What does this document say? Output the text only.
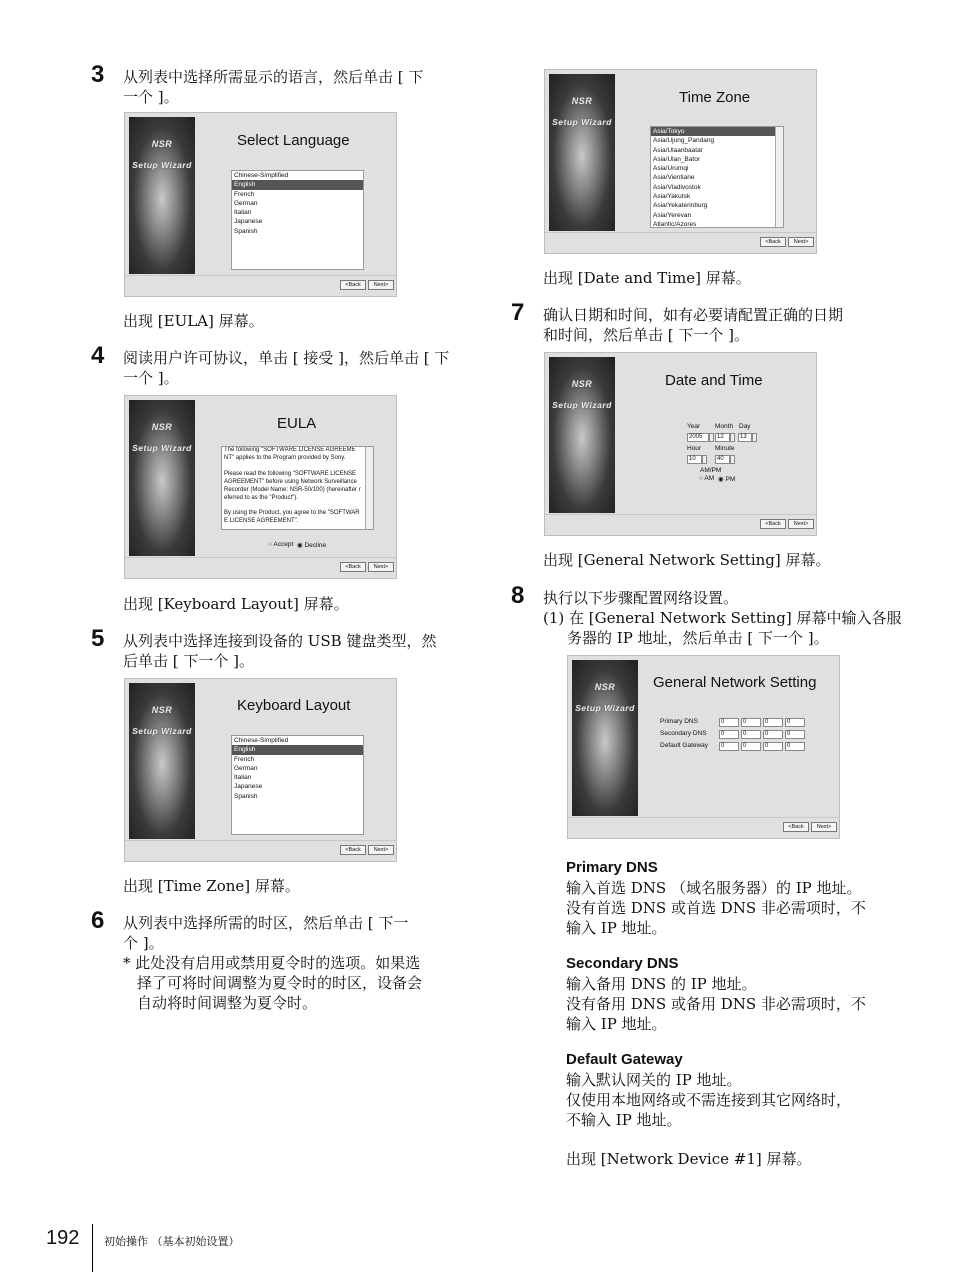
3 从列表中选择所需显示的语言，然后单击 [ 下

一个 ]。

NSR
Setup Wizard
Select Language
Chinese-Simplified
English
French
German
Italian
Japanese
Spanish
<Back	Next>
出现 [EULA] 屏幕。
4 阅读用户许可协议，单击 [ 接受 ]，然后单击 [ 下

一个 ]。

NSR
Setup Wizard
EULA
The following "SOFTWARE LICENSE AGREEME
NT" applies to the Program provided by Sony.
Please read the following "SOFTWARE LICENSE
AGREEMENT" before using Network Surveillance
Recorder (Model Name: NSR-50/100) (hereinafter r
eferred to as the "Product").
By using the Product, you agree to the "SOFTWAR
E LICENSE AGREEMENT".
○ Accept ◉ Decline
<Back	Next>
出现 [Keyboard Layout] 屏幕。
5 从列表中选择连接到设备的 USB 键盘类型，然

后单击 [ 下一个 ]。

NSR
Setup Wizard
Keyboard Layout
Chinese-Simplified
English
French
German
Italian
Japanese
Spanish
<Back	Next>
出现 [Time Zone] 屏幕。
6 从列表中选择所需的时区，然后单击 [ 下一

个 ]。

* 此处没有启用或禁用夏令时的选项。如果选

择了可将时间调整为夏令时的时区，设备会

自动将时间调整为夏令时。

NSR
Setup Wizard
Time Zone
Asia/Tokyo
Asia/Ujung_Pandang
Asia/Ulaanbaatar
Asia/Ulan_Bator
Asia/Urumqi
Asia/Vientiane
Asia/Vladivostok
Asia/Yakutsk
Asia/Yekaterinburg
Asia/Yerevan
Atlantic/Azores
<Back	Next>
出现 [Date and Time] 屏幕。
7 确认日期和时间，如有必要请配置正确的日期

和时间，然后单击 [ 下一个 ]。

NSR
Setup Wizard
Date and Time
Year Month Day
2005	12	13
Hour Minute
10	40
AM/PM
○ AM ◉ PM
<Back	Next>
出现 [General Network Setting] 屏幕。
8 执行以下步骤配置网络设置。

(1) 在 [General Network Setting] 屏幕中输入各服

务器的 IP 地址，然后单击 [ 下一个 ]。

NSR
Setup Wizard
General Network Setting
Primary DNS	0	0	0	0
Secondary DNS	0	0	0	0
Default Gateway	0	0	0	0
<Back	Next>
Primary DNS

输入首选 DNS （域名服务器）的 IP 地址。

没有首选 DNS 或首选 DNS 非必需项时，不

输入 IP 地址。

Secondary DNS

输入备用 DNS 的 IP 地址。

没有备用 DNS 或备用 DNS 非必需项时，不

输入 IP 地址。

Default Gateway

输入默认网关的 IP 地址。

仅使用本地网络或不需连接到其它网络时，

不输入 IP 地址。

出现 [Network Device #1] 屏幕。
192 初始操作 （基本初始设置）
